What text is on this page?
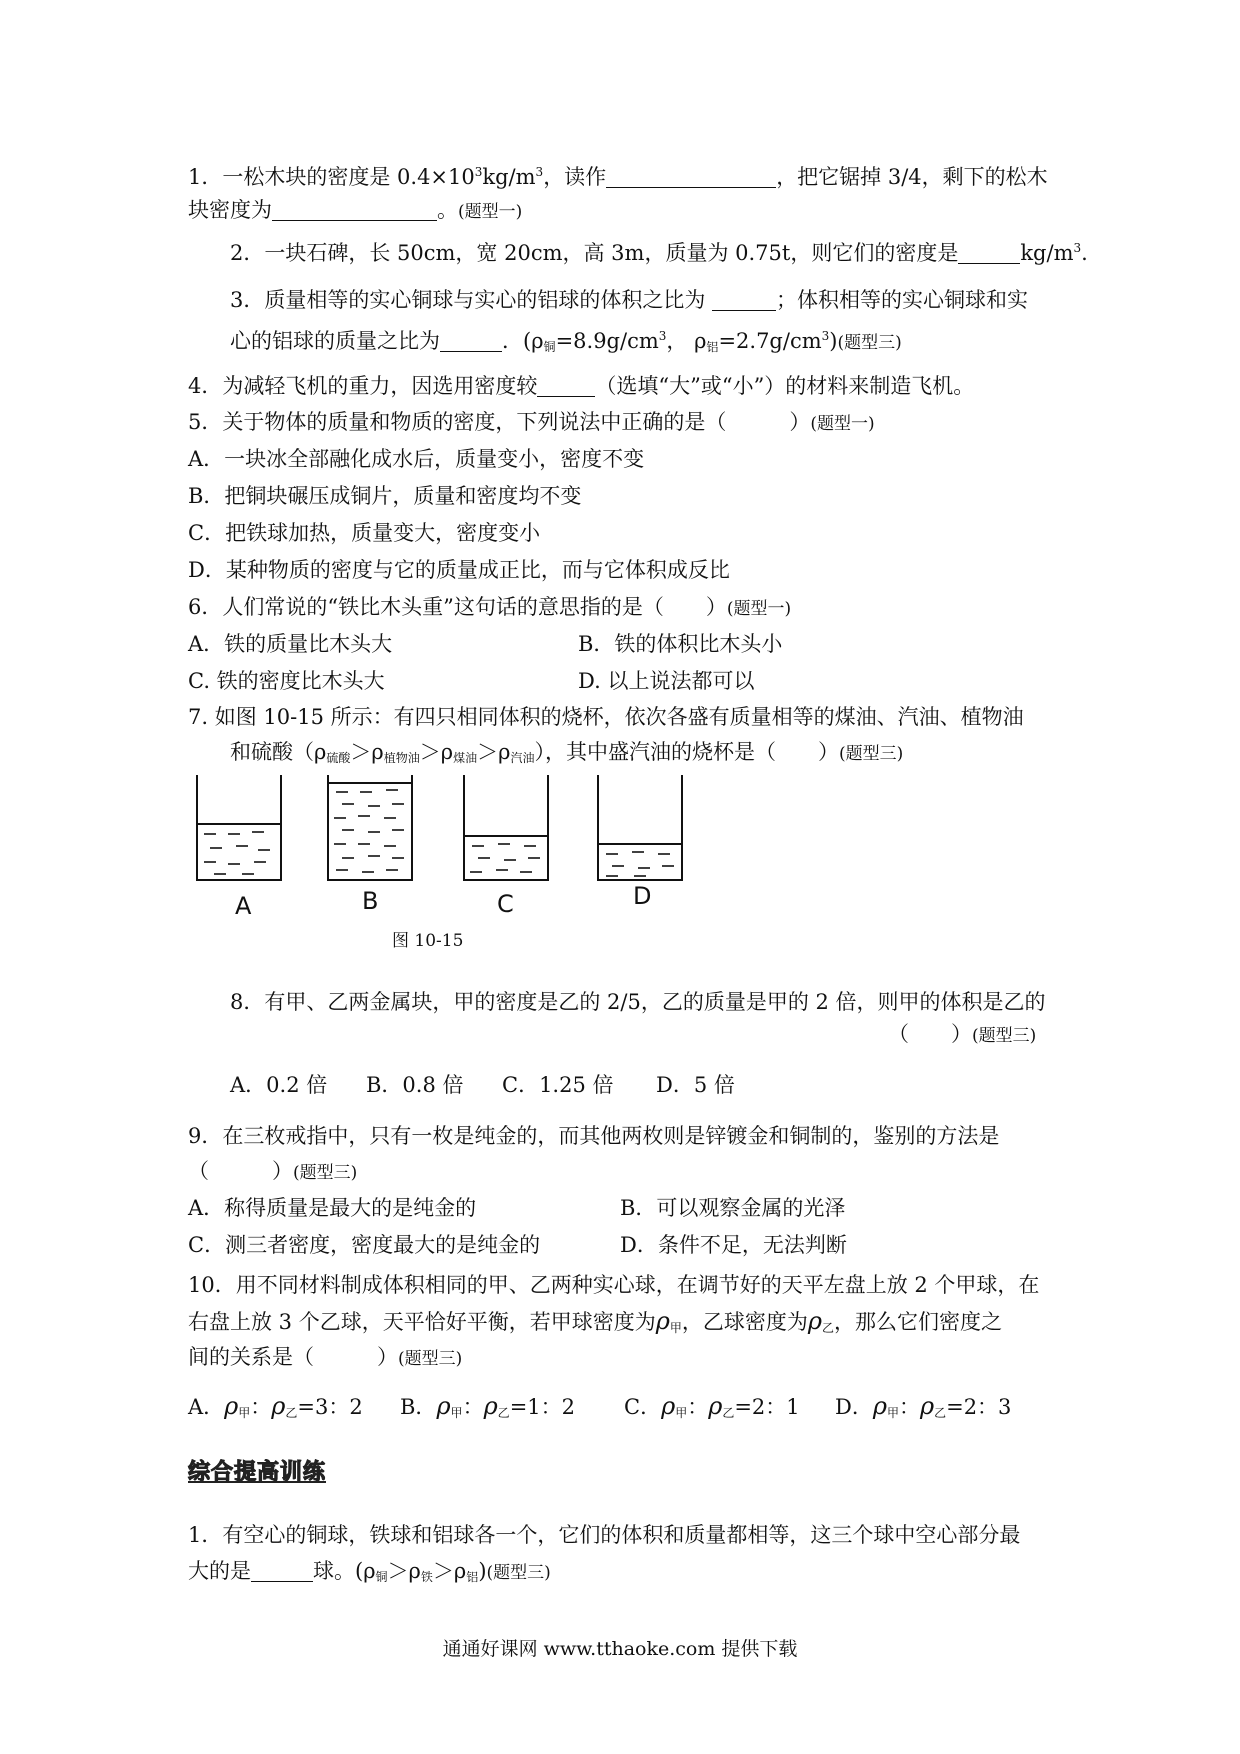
1．一松木块的密度是 $0.4\times 10^3kg/m^3$，读作	，把它锯掉 3/4，剩下的松木
块密度为	。(题型一)
2．一块石碑，长 50cm，宽 20cm，高 3m，质量为 0.75t，则它们的密度是	$kg/m^3$.
3．质量相等的实心铜球与实心的铝球的体积之比为	；体积相等的实心铜球和实
心的铝球的质量之比为	．($\rho_铜=8.9g/cm^3$， $\rho_铝=2.7g/cm^3$)(题型三)
4．为减轻飞机的重力，因选用密度较	（选填“大”或“小”）的材料来制造飞机。
5．关于物体的质量和物质的密度，下列说法中正确的是（　　　）(题型一)
A．一块冰全部融化成水后，质量变小，密度不变
B．把铜块碾压成铜片，质量和密度均不变
C．把铁球加热，质量变大，密度变小
D．某种物质的密度与它的质量成正比，而与它体积成反比
6．人们常说的“铁比木头重”这句话的意思指的是（　　）(题型一)
A．铁的质量比木头大	B．铁的体积比木头小
C. 铁的密度比木头大	D. 以上说法都可以
7. 如图 10-15 所示：有四只相同体积的烧杯，依次各盛有质量相等的煤油、汽油、植物油
和硫酸$(\rho_{硫酸}>\rho_{植物油}>\rho_{煤油}>\rho_{汽油})$，其中盛汽油的烧杯是（　　）(题型三)
A	B	C	D
图 10-15
8．有甲、乙两金属块，甲的密度是乙的 2/5，乙的质量是甲的 2 倍，则甲的体积是乙的
（　　）(题型三)
A．0.2 倍 B．0.8 倍 C．1.25 倍 D．5 倍
9．在三枚戒指中，只有一枚是纯金的，而其他两枚则是锌镀金和铜制的，鉴别的方法是
（　　　）(题型三)
A．称得质量是最大的是纯金的	B．可以观察金属的光泽
C．测三者密度，密度最大的是纯金的	D．条件不足，无法判断
10．用不同材料制成体积相同的甲、乙两种实心球，在调节好的天平左盘上放 2 个甲球，在
右盘上放 3 个乙球，天平恰好平衡，若甲球密度为$\rho_甲$，乙球密度为$\rho_乙$，那么它们密度之
间的关系是（　　　）(题型三)
A．$\rho_甲$：$\rho_乙=3$：2 B．$\rho_甲$：$\rho_乙=1$：2 C．$\rho_甲$：$\rho_乙=2$：1 D．$\rho_甲$：$\rho_乙=2$：3
综合提高训练
1．有空心的铜球，铁球和铝球各一个，它们的体积和质量都相等，这三个球中空心部分最
大的是	球。$(\rho_铜>\rho_铁>\rho_铝)$(题型三)
通通好课网 www.tthaoke.com 提供下载
